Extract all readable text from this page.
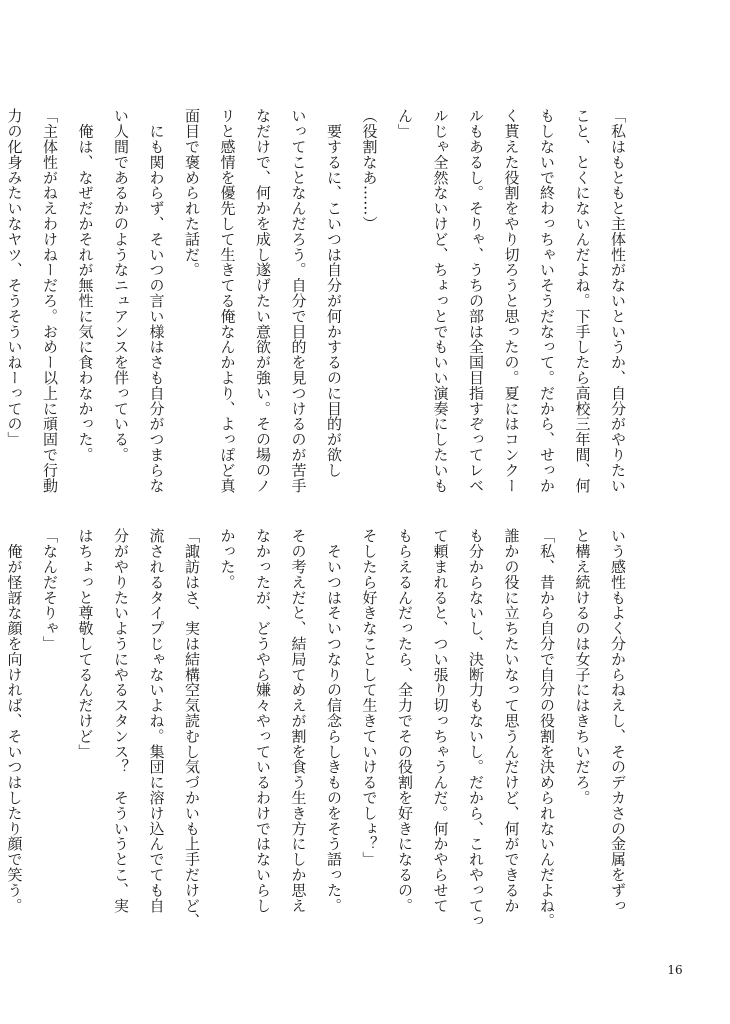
「私はもともと主体性がないというか、自分がやりたい
こと、とくにないんだよね。下手したら高校三年間、何
もしないで終わっちゃいそうだなって。だから、せっか
く貰えた役割をやり切ろうと思ったの。夏にはコンクー
ルもあるし。そりゃ、うちの部は全国目指すぞってレベ
ルじゃ全然ないけど、ちょっとでもいい演奏にしたいも
ん」
（役割なあ……）
　要するに、こいつは自分が何かするのに目的が欲し
いってことなんだろう。自分で目的を見つけるのが苦手
なだけで、何かを成し遂げたい意欲が強い。その場のノ
リと感情を優先して生きてる俺なんかより、よっぽど真
面目で褒められた話だ。
　にも関わらず、そいつの言い様はさも自分がつまらな
い人間であるかのようなニュアンスを伴っている。
　俺は、なぜだかそれが無性に気に食わなかった。
「主体性がねえわけねーだろ。おめー以上に頑固で行動
力の化身みたいなヤツ、そうそういねーっての」
いう感性もよく分からねえし、そのデカさの金属をずっ
と構え続けるのは女子にはきちいだろ。
「私、昔から自分で自分の役割を決められないんだよね。
誰かの役に立ちたいなって思うんだけど、何ができるか
も分からないし、決断力もないし。だから、これやってっ
て頼まれると、つい張り切っちゃうんだ。何かやらせて
もらえるんだったら、全力でその役割を好きになるの。
そしたら好きなことして生きていけるでしょ？」
　そいつはそいつなりの信念らしきものをそう語った。
その考えだと、結局てめえが割を食う生き方にしか思え
なかったが、どうやら嫌々やっているわけではないらし
かった。
「諏訪はさ、実は結構空気読むし気づかいも上手だけど、
流されるタイプじゃないよね。集団に溶け込んでても自
分がやりたいようにやるスタンス？　そういうとこ、実
はちょっと尊敬してるんだけど」
「なんだそりゃ」
　俺が怪訝な顔を向ければ、そいつはしたり顔で笑う。
16
